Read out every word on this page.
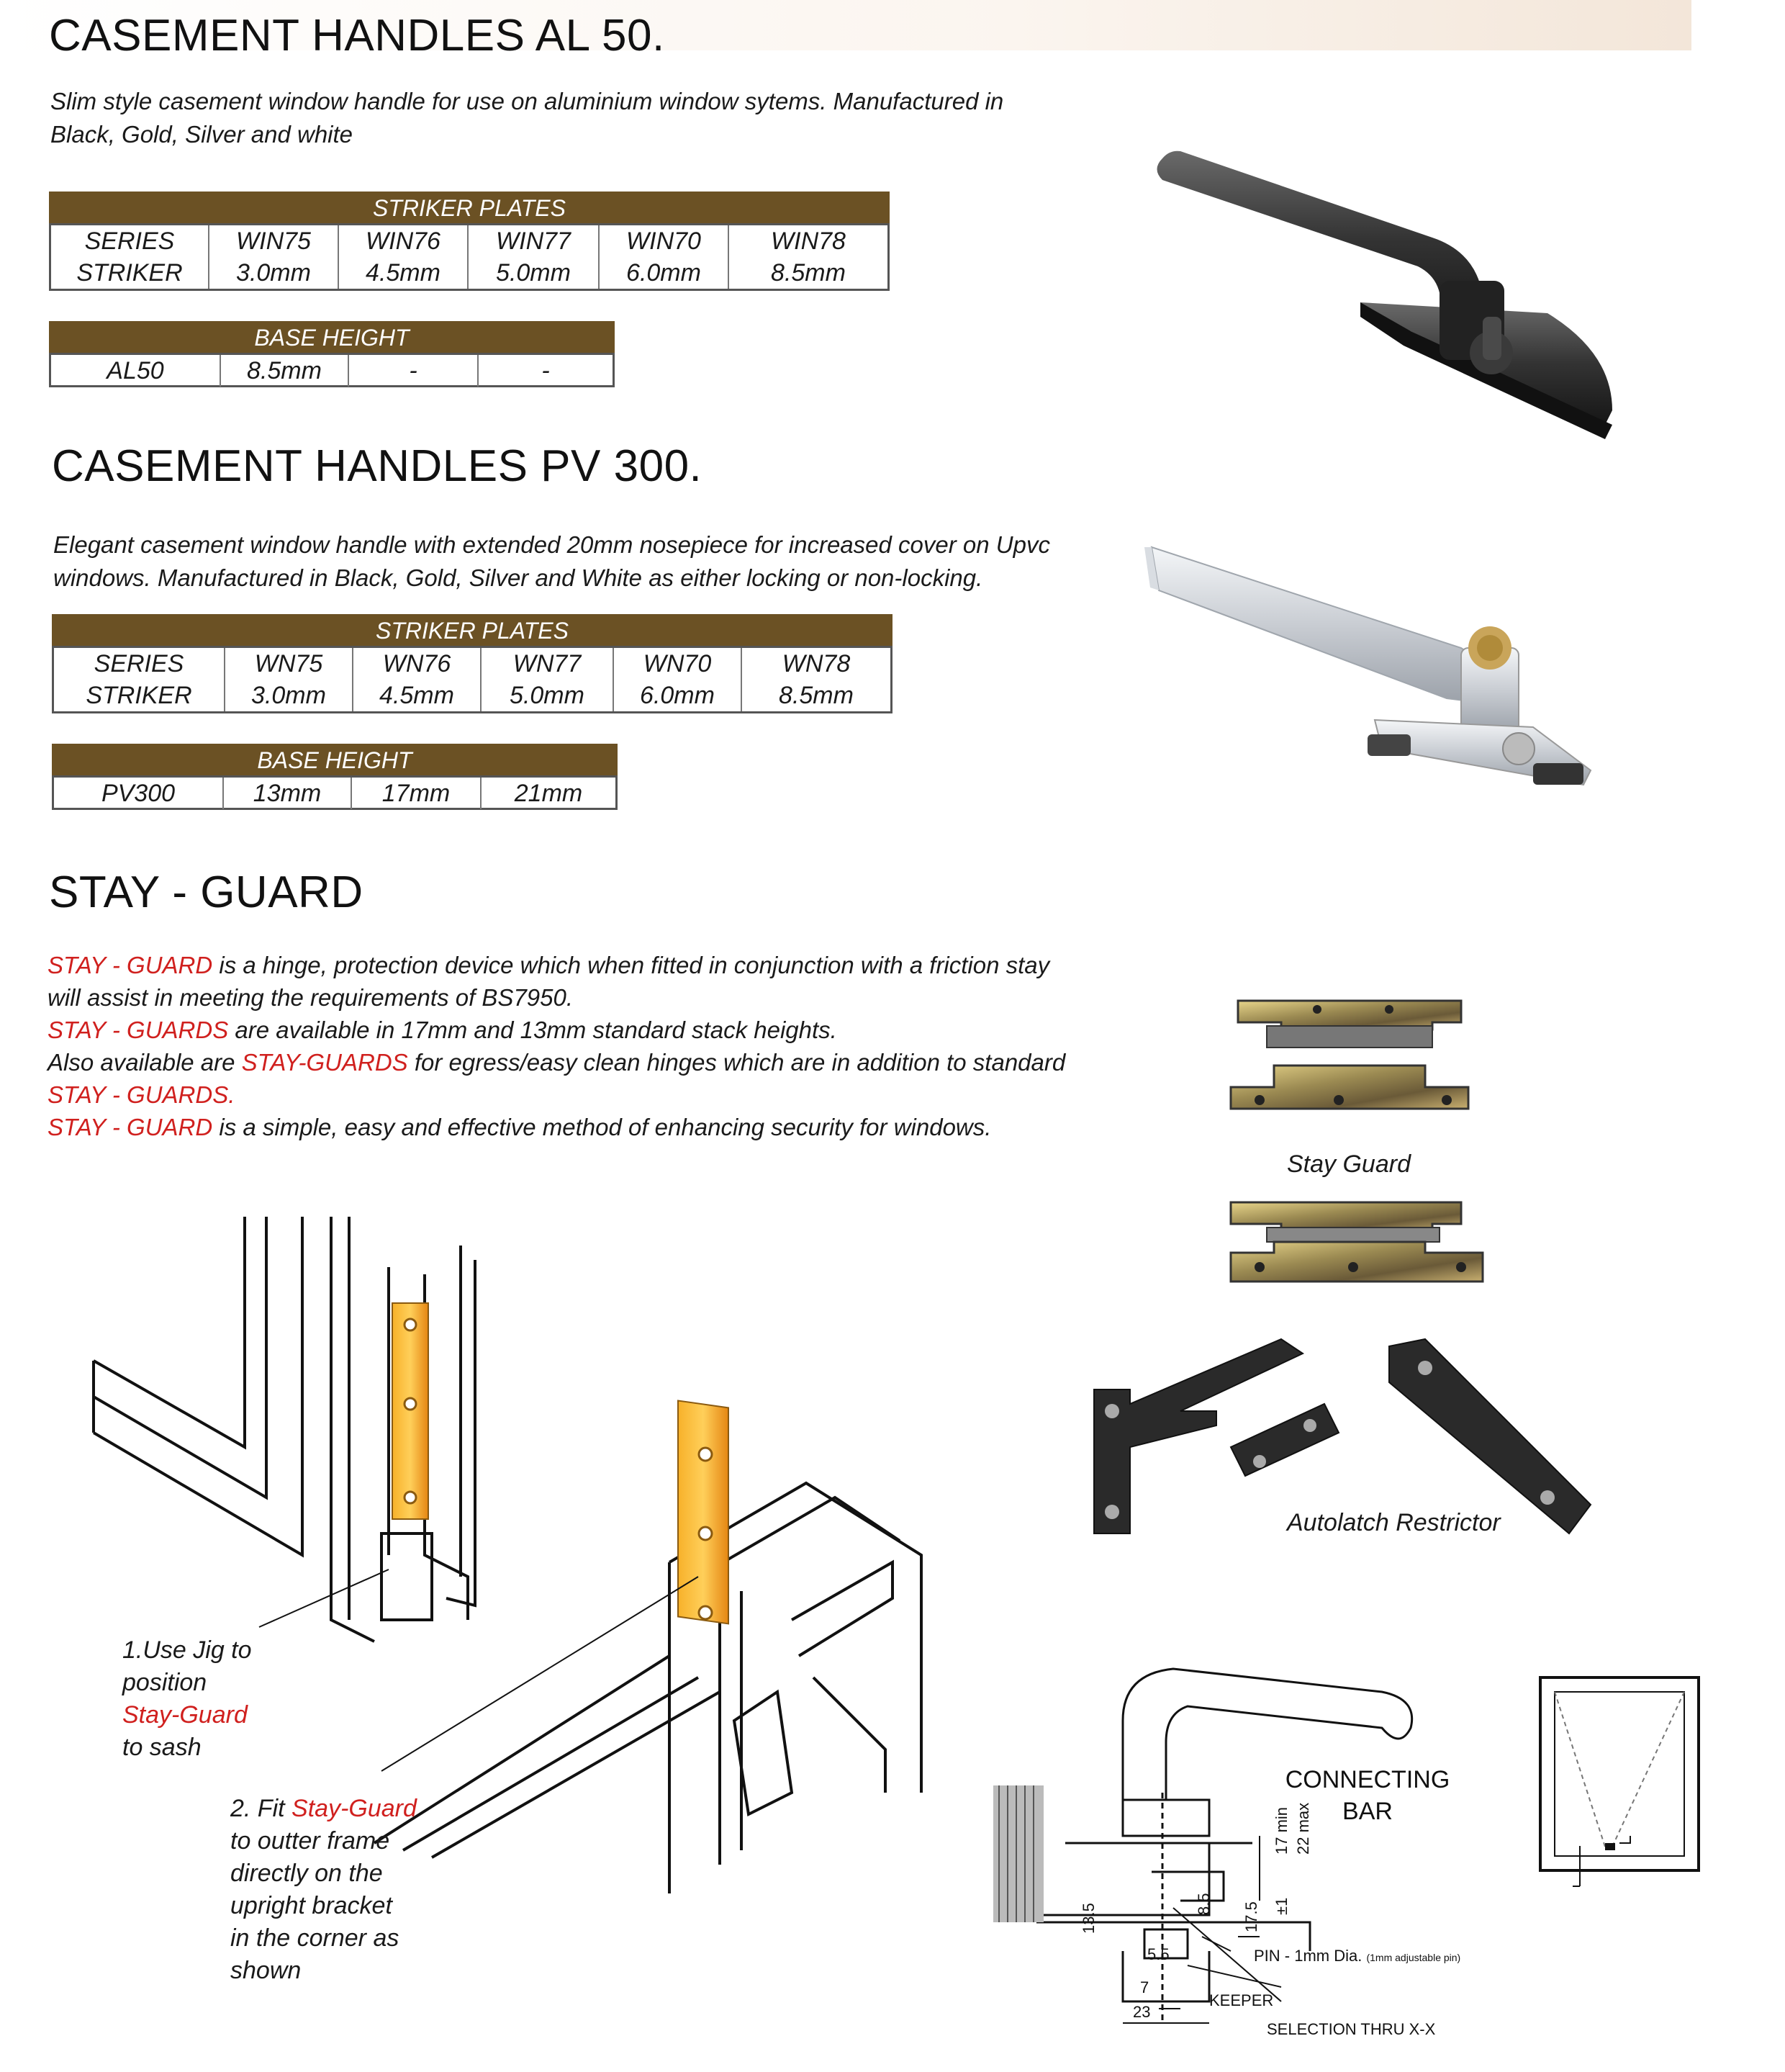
CASEMENT HANDLES AL 50.
Slim style casement window handle for use on aluminium window sytems. Manufactured in Black, Gold, Silver and white
STRIKER PLATES
SERIES	WIN75	WIN76	WIN77	WIN70	WIN78
STRIKER	3.0mm	4.5mm	5.0mm	6.0mm	8.5mm
BASE HEIGHT
AL50	8.5mm	-	-
CASEMENT HANDLES PV 300.
Elegant casement window handle with extended 20mm nosepiece for increased cover on Upvc windows. Manufactured in Black, Gold, Silver and White as either locking or non-locking.
STRIKER PLATES
SERIES	WN75	WN76	WN77	WN70	WN78
STRIKER	3.0mm	4.5mm	5.0mm	6.0mm	8.5mm
BASE HEIGHT
PV300	13mm	17mm	21mm
STAY - GUARD
STAY - GUARD is a hinge, protection device which when fitted in conjunction with a friction stay will assist in meeting the requirements of BS7950.
STAY - GUARDS are available in 17mm and 13mm standard stack heights.
Also available are STAY-GUARDS for egress/easy clean hinges which are in addition to standard STAY - GUARDS.
STAY - GUARD is a simple, easy and effective method of enhancing security for windows.
Stay Guard
Autolatch Restrictor
1.Use Jig to
position
Stay-Guard
to sash
2. Fit Stay-Guard
to outter frame
directly on the
upright bracket
in the corner as
shown
CONNECTING
BAR
17 min 22 max
±1
17.5
8.5
13.5
5.5
7
23
PIN - 1mm Dia. (1mm adjustable pin)
KEEPER
SELECTION THRU X-X
